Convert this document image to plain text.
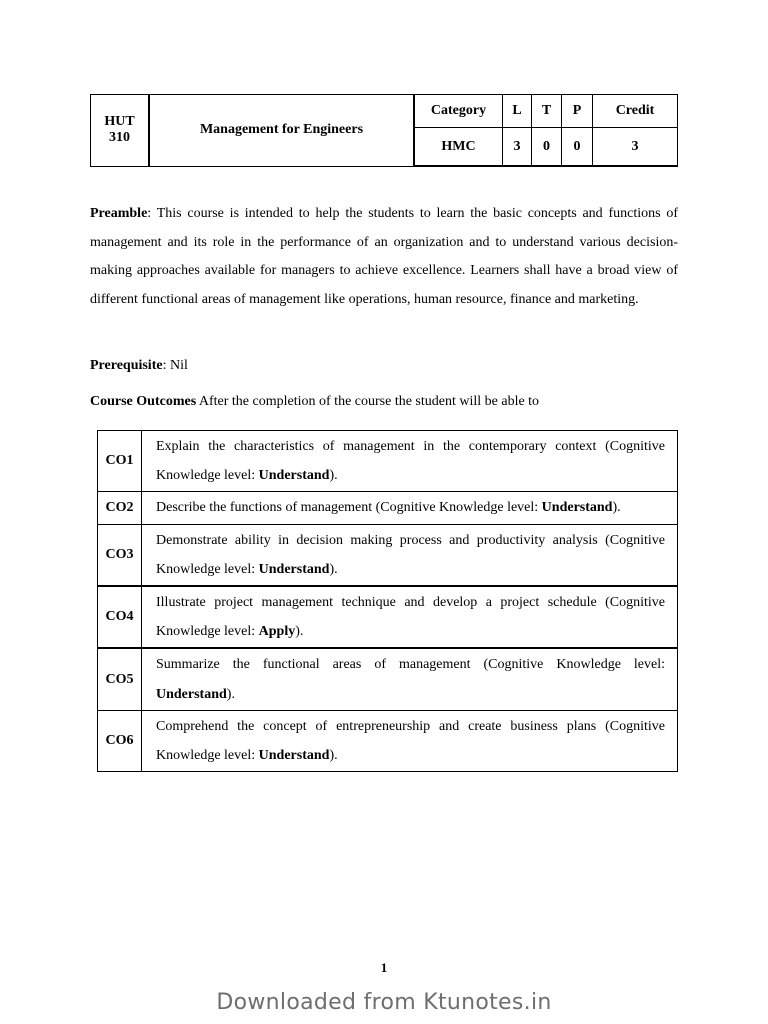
HUT
310	Management for Engineers	Category	L	T	P	Credit
		HMC	3	0	0	3

Preamble: This course is intended to help the students to learn the basic concepts and functions of management and its role in the performance of an organization and to understand various decision-making approaches available for managers to achieve excellence. Learners shall have a broad view of different functional areas of management like operations, human resource, finance and marketing.

Prerequisite: Nil

Course Outcomes After the completion of the course the student will be able to

CO1	Explain the characteristics of management in the contemporary context (Cognitive Knowledge level: Understand).
CO2	Describe the functions of management (Cognitive Knowledge level: Understand).
CO3	Demonstrate ability in decision making process and productivity analysis (Cognitive Knowledge level: Understand).
CO4	Illustrate project management technique and develop a project schedule (Cognitive Knowledge level: Apply).
CO5	Summarize the functional areas of management (Cognitive Knowledge level: Understand).
CO6	Comprehend the concept of entrepreneurship and create business plans (Cognitive Knowledge level: Understand).
1
Downloaded from Ktunotes.in
